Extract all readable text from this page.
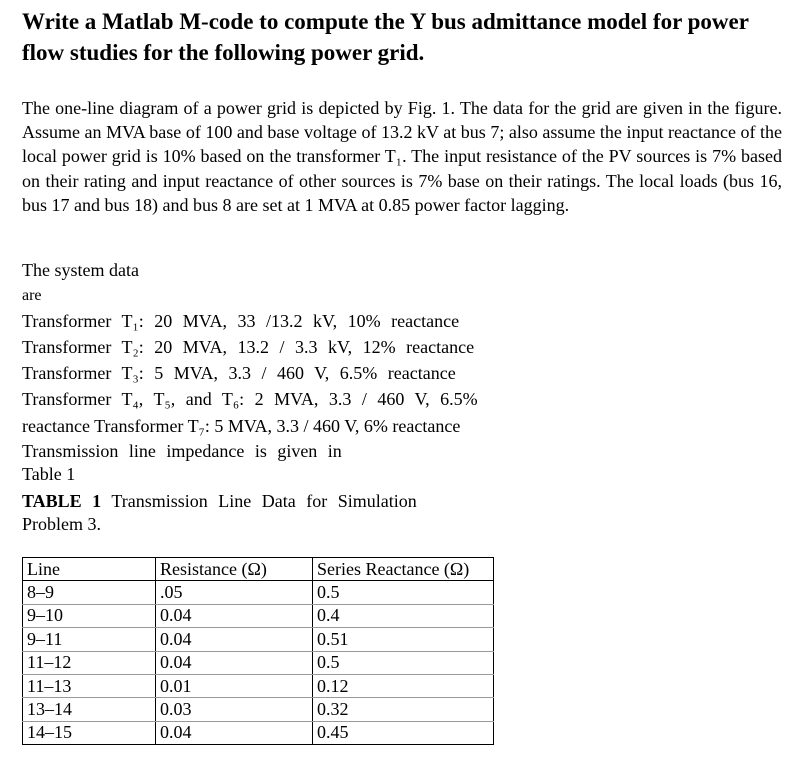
Write a Matlab M-code to compute the Y bus admittance model for power flow studies for the following power grid.

The one-line diagram of a power grid is depicted by Fig. 1. The data for the grid are given in the figure. Assume an MVA base of 100 and base voltage of 13.2 kV at bus 7; also assume the input reactance of the local power grid is 10% based on the transformer T₁. The input resistance of the PV sources is 7% based on their rating and input reactance of other sources is 7% base on their ratings. The local loads (bus 16, bus 17 and bus 18) and bus 8 are set at 1 MVA at 0.85 power factor lagging.

The system data
are
Transformer T₁: 20 MVA, 33 /13.2 kV, 10% reactance
Transformer T₂: 20 MVA, 13.2 / 3.3 kV, 12% reactance
Transformer T₃: 5 MVA, 3.3 / 460 V, 6.5% reactance
Transformer T₄, T₅, and T₆: 2 MVA, 3.3 / 460 V, 6.5%
reactance Transformer T₇: 5 MVA, 3.3 / 460 V, 6% reactance
Transmission line impedance is given in
Table 1
TABLE 1 Transmission Line Data for Simulation
Problem 3.
Line	Resistance (Ω)	Series Reactance (Ω)
8–9	.05	0.5
9–10	0.04	0.4
9–11	0.04	0.51
11–12	0.04	0.5
11–13	0.01	0.12
13–14	0.03	0.32
14–15	0.04	0.45
